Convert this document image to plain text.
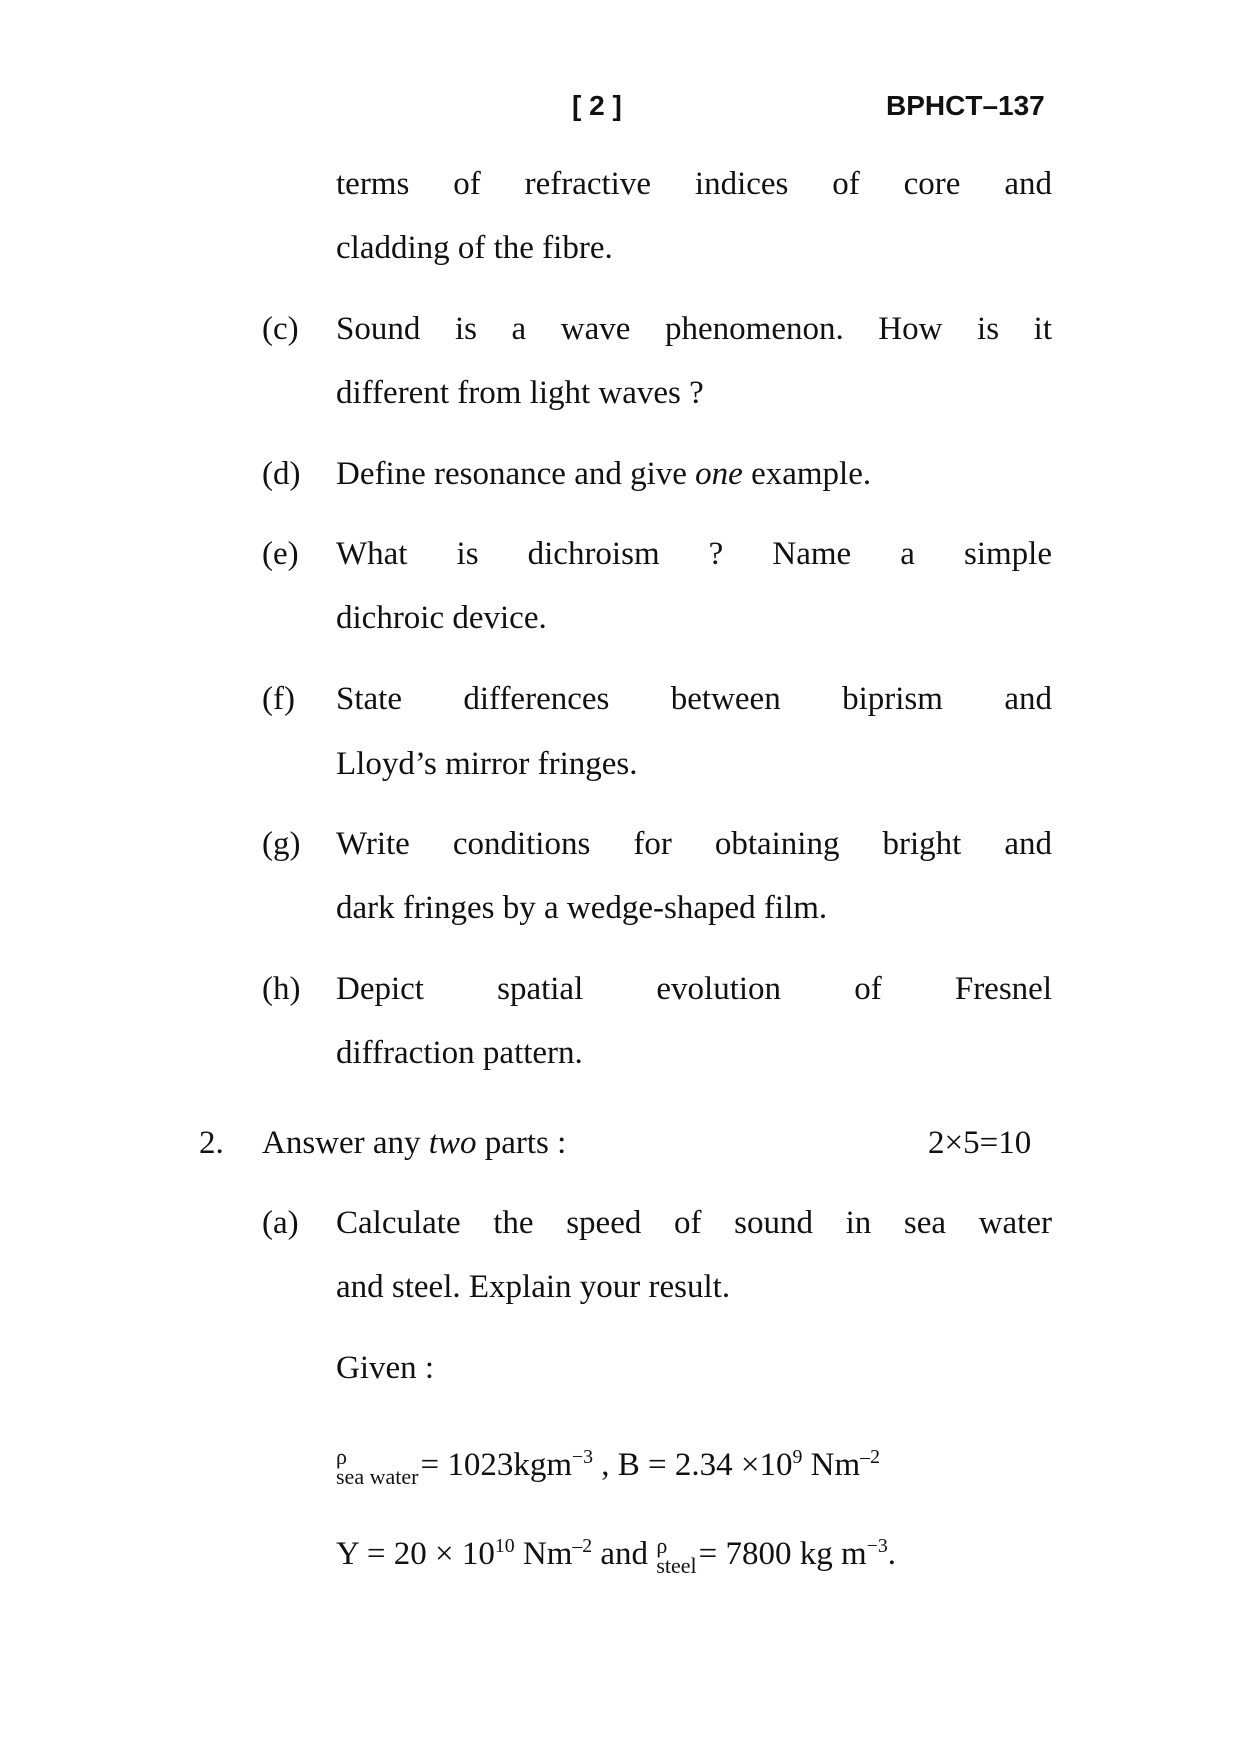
[ 2 ]	BPHCT–137
terms of refractive indices of core and
cladding of the fibre.
(c) Sound is a wave phenomenon. How is it
different from light waves ?
(d) Define resonance and give one example.
(e) What is dichroism ? Name a simple
dichroic device.
(f) State differences between biprism and
Lloyd’s mirror fringes.
(g) Write conditions for obtaining bright and
dark fringes by a wedge-shaped film.
(h) Depict spatial evolution of Fresnel
diffraction pattern.
2. Answer any two parts :	2×5=10
(a) Calculate the speed of sound in sea water
and steel. Explain your result.
Given :
ρ
sea water = 1023kgm$^{-3}$ , $B = 2.34 \times 10^9$ $Nm^{-2}$
$Y = 20 \times 10^{10}$ $Nm^{-2}$ and ρ
steel = 7800 kg $m^{-3}$.
